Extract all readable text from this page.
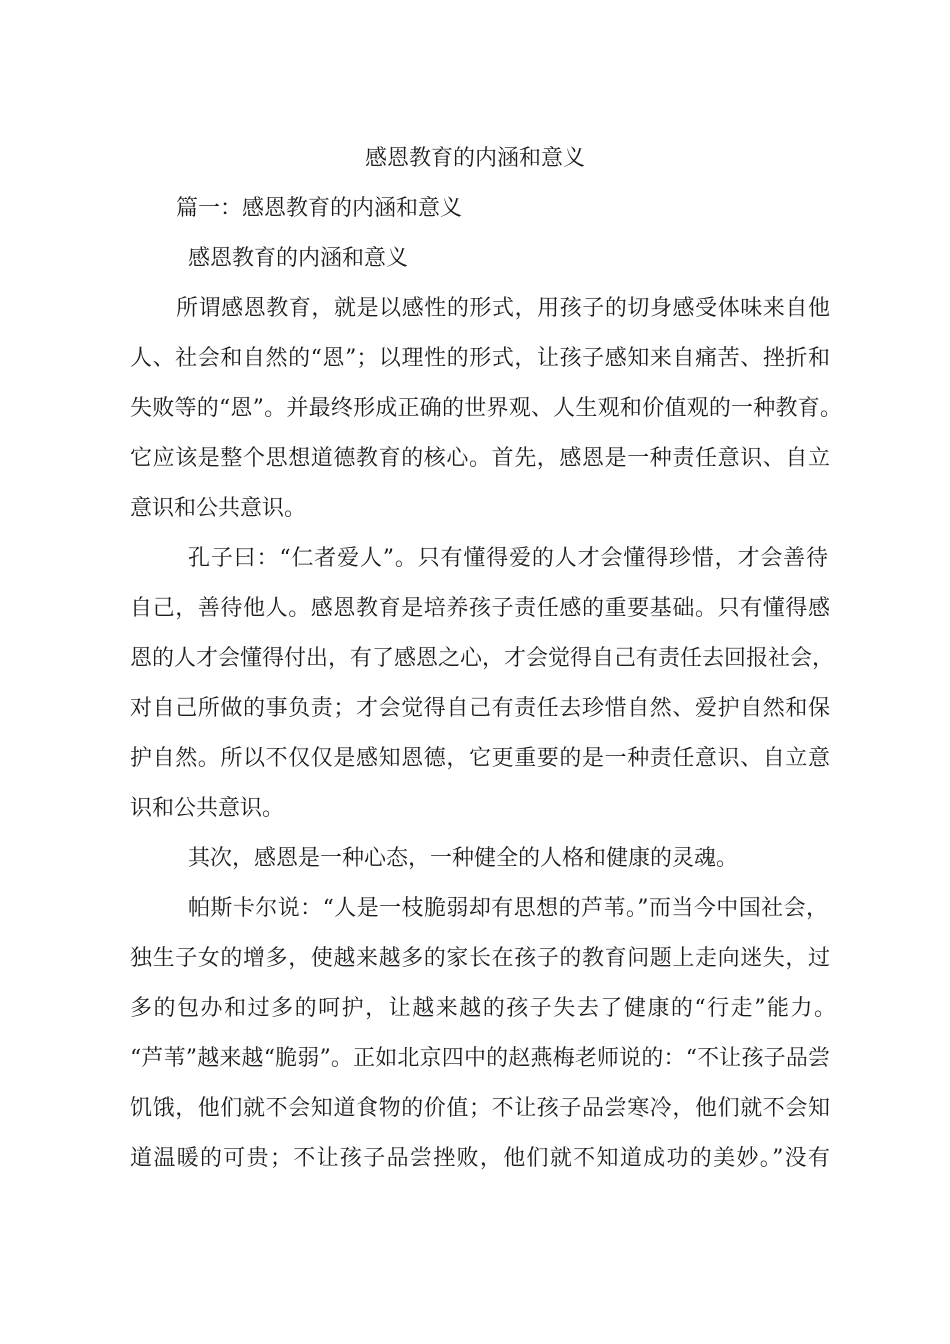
感恩教育的内涵和意义
篇一：感恩教育的内涵和意义
感恩教育的内涵和意义
所谓感恩教育，就是以感性的形式，用孩子的切身感受体味来自他
人、社会和自然的“恩”；以理性的形式，让孩子感知来自痛苦、挫折和
失败等的“恩”。并最终形成正确的世界观、人生观和价值观的一种教育。
它应该是整个思想道德教育的核心。首先，感恩是一种责任意识、自立
意识和公共意识。
孔子曰：“仁者爱人”。只有懂得爱的人才会懂得珍惜，才会善待
自己，善待他人。感恩教育是培养孩子责任感的重要基础。只有懂得感
恩的人才会懂得付出，有了感恩之心，才会觉得自己有责任去回报社会，
对自己所做的事负责；才会觉得自己有责任去珍惜自然、爱护自然和保
护自然。所以不仅仅是感知恩德，它更重要的是一种责任意识、自立意
识和公共意识。
其次，感恩是一种心态，一种健全的人格和健康的灵魂。
帕斯卡尔说：“人是一枝脆弱却有思想的芦苇。”而当今中国社会，
独生子女的增多，使越来越多的家长在孩子的教育问题上走向迷失，过
多的包办和过多的呵护，让越来越的孩子失去了健康的“行走”能力。
“芦苇”越来越“脆弱”。正如北京四中的赵燕梅老师说的：“不让孩子品尝
饥饿，他们就不会知道食物的价值；不让孩子品尝寒冷，他们就不会知
道温暖的可贵；不让孩子品尝挫败，他们就不知道成功的美妙。”没有
